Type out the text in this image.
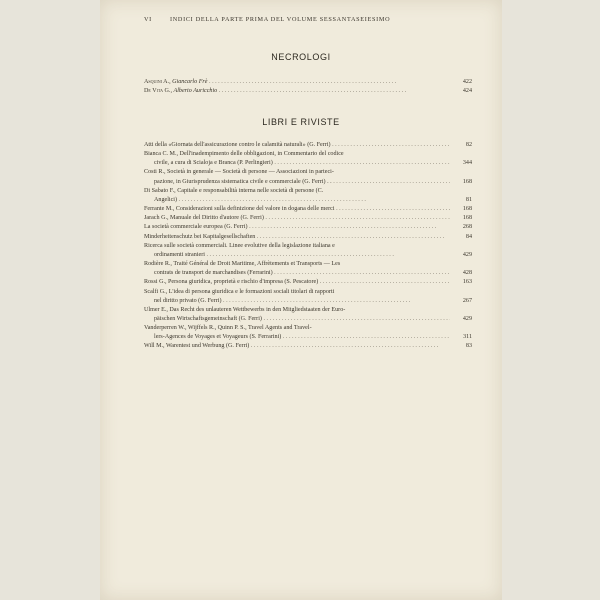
VI	INDICI DELLA PARTE PRIMA DEL VOLUME SESSANTASEIESIMO
NECROLOGI
Asquini A., Giancarlo Frè . . .	422
De Vita G., Alberto Auricchio . . .	424
LIBRI E RIVISTE
Atti della «Giornata dell'assicurazione contro le calamità naturali» (G. Ferri) . . .	82
Bianca C. M., Dell'inadempimento delle obbligazioni, in Commentario del codice
civile, a cura di Scialoja e Branca (P. Perlingieri) . . .	344
Costi R., Società in generale — Società di persone — Associazioni in parteci-
pazione, in Giurisprudenza sistematica civile e commerciale (G. Ferri) . . . . .	168
Di Sabato F., Capitale e responsabilità interna nelle società di persone (C.
Angelici) . . .	81
Ferrante M., Considerazioni sulla definizione del valore in dogana delle merci . . .	168
Jarach G., Manuale del Diritto d'autore (G. Ferri) . . .	168
La società commerciale europea (G. Ferri) . . .	268
Minderheitenschutz bei Kapitalgesellschaften . . .	84
Ricerca sulle società commerciali. Linee evolutive della legislazione italiana e
ordinamenti stranieri . . .	429
Rodière R., Traité Général de Droit Maritime, Affrètements et Transports — Les
contrats de transport de marchandises (Ferrarini) . . .	428
Rossi G., Persona giuridica, proprietà e rischio d'impresa (S. Pescatore) . . .	163
Scalfi G., L'idea di persona giuridica e le formazioni sociali titolari di rapporti
nel diritto privato (G. Ferri) . . .	267
Ulmer E., Das Recht des unlauteren Wettbewerbs in den Mitgliedstaaten der Euro-
päischen Wirtschaftsgemeinschaft (G. Ferri) . . .	429
Vanderperren W., Wijffels R., Quinn P. S., Travel Agents and Travel-
lers-Agences de Voyages et Voyageurs (S. Ferrarini) . . .	311
Will M., Warentest und Werbung (G. Ferri) . . .	83
